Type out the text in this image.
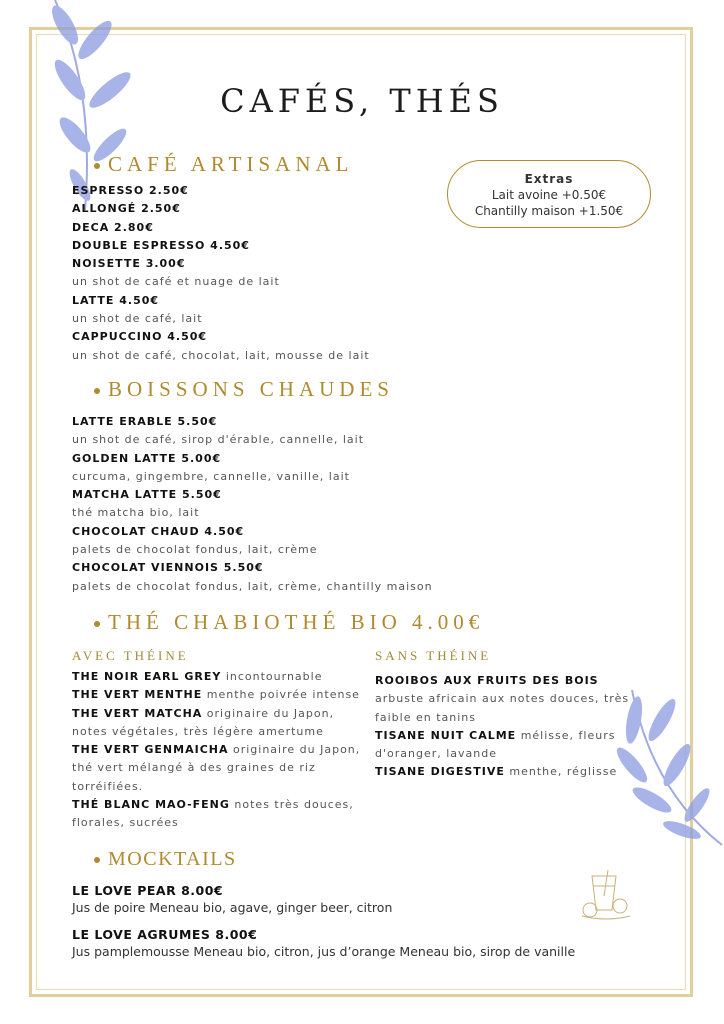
CAFÉS, THÉS
CAFÉ ARTISANAL
ESPRESSO 2.50€
ALLONGÉ 2.50€
DECA 2.80€
DOUBLE ESPRESSO 4.50€
NOISETTE 3.00€
un shot de café et nuage de lait
LATTE 4.50€
un shot de café, lait
CAPPUCCINO 4.50€
un shot de café, chocolat, lait, mousse de lait
Extras
Lait avoine +0.50€
Chantilly maison +1.50€
BOISSONS CHAUDES
LATTE ERABLE 5.50€
un shot de café, sirop d'érable, cannelle, lait
GOLDEN LATTE 5.00€
curcuma, gingembre, cannelle, vanille, lait
MATCHA LATTE 5.50€
thé matcha bio, lait
CHOCOLAT CHAUD 4.50€
palets de chocolat fondus, lait, crème
CHOCOLAT VIENNOIS 5.50€
palets de chocolat fondus, lait, crème, chantilly maison
THÉ CHABIOTHÉ BIO 4.00€
AVEC THÉINE	SANS THÉINE
THE NOIR EARL GREY incontournable
THE VERT MENTHE menthe poivrée intense
THE VERT MATCHA originaire du Japon, notes végétales, très légère amertume
THE VERT GENMAICHA originaire du Japon, thé vert mélangé à des graines de riz torréifiées.
THÉ BLANC MAO-FENG notes très douces, florales, sucrées
ROOIBOS AUX FRUITS DES BOIS arbuste africain aux notes douces, très faible en tanins
TISANE NUIT CALME mélisse, fleurs d'oranger, lavande
TISANE DIGESTIVE menthe, réglisse
MOCKTAILS
LE LOVE PEAR 8.00€
Jus de poire Meneau bio, agave, ginger beer, citron
LE LOVE AGRUMES 8.00€
Jus pamplemousse Meneau bio, citron, jus d’orange Meneau bio, sirop de vanille
